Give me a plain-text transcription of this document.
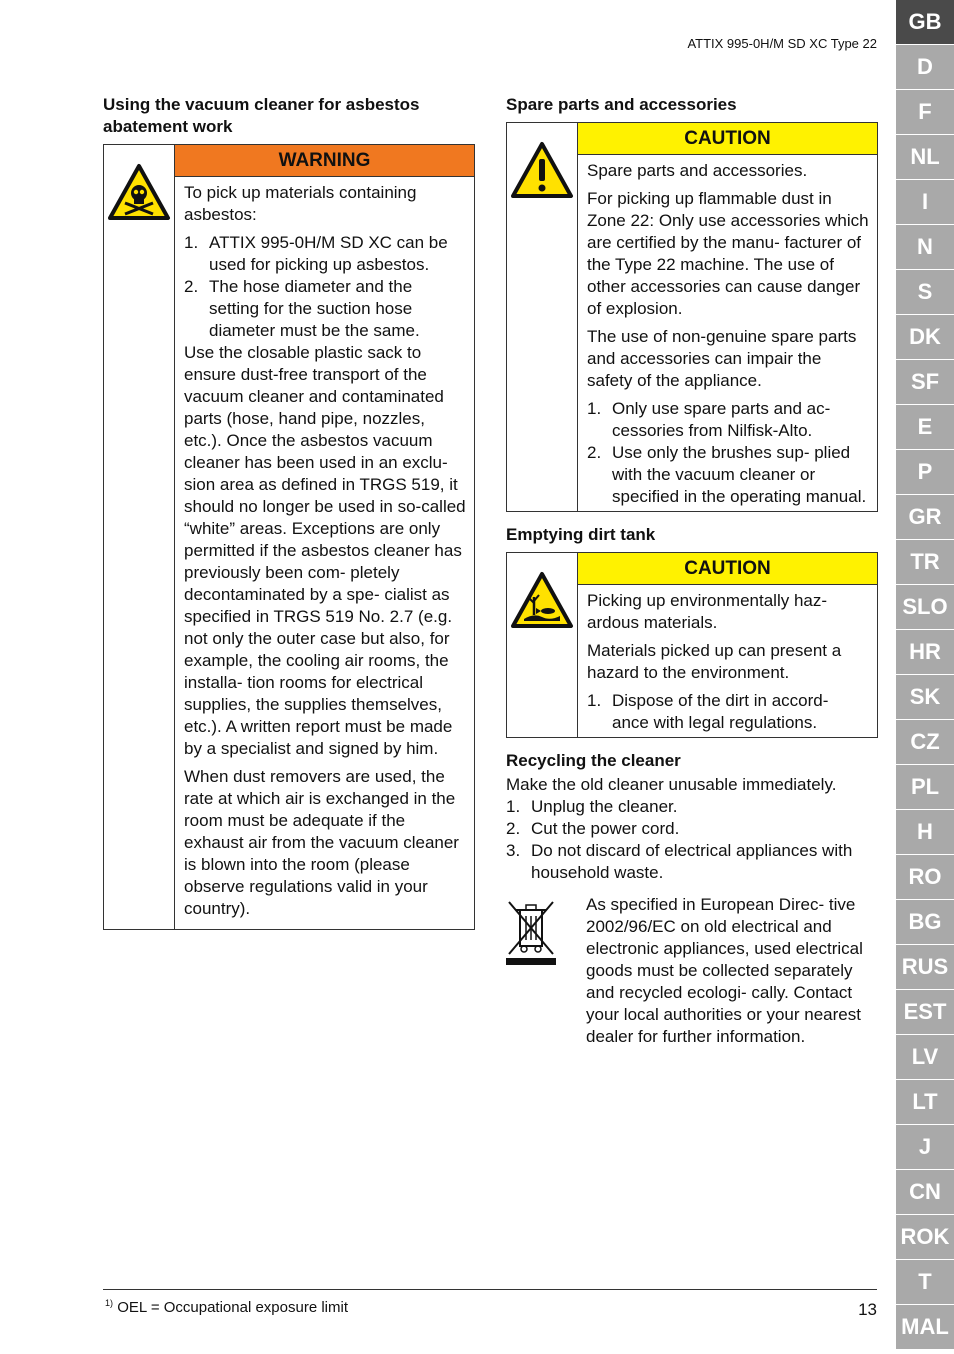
ATTIX 995-0H/M SD XC Type 22
Using the vacuum cleaner for asbestos abatement work
WARNING

To pick up materials containing asbestos:

1. ATTIX 995-0H/M SD XC can be used for picking up asbestos.
2. The hose diameter and the setting for the suction hose diameter must be the same.

Use the closable plastic sack to ensure dust-free transport of the vacuum cleaner and contaminated parts (hose, hand pipe, nozzles, etc.). Once the asbestos vacuum cleaner has been used in an exclu- sion area as defined in TRGS 519, it should no longer be used in so-called “white” areas. Exceptions are only permitted if the asbestos cleaner has previously been com- pletely decontaminated by a spe- cialist as specified in TRGS 519 No. 2.7 (e.g. not only the outer case but also, for example, the cooling air rooms, the installa- tion rooms for electrical supplies, the supplies themselves, etc.). A written report must be made by a specialist and signed by him.

When dust removers are used, the rate at which air is exchanged in the room must be adequate if the exhaust air from the vacuum cleaner is blown into the room (please observe regulations valid in your country).

Spare parts and accessories
CAUTION

Spare parts and accessories.

For picking up flammable dust in Zone 22: Only use accessories which are certified by the manu- facturer of the Type 22 machine. The use of other accessories can cause danger of explosion.

The use of non-genuine spare parts and accessories can impair the safety of the appliance.

1. Only use spare parts and ac- cessories from Nilfisk-Alto.
2. Use only the brushes sup- plied with the vacuum cleaner or specified in the operating manual.
Emptying dirt tank
CAUTION

Picking up environmentally haz- ardous materials.

Materials picked up can present a hazard to the environment.

1. Dispose of the dirt in accord- ance with legal regulations.
Recycling the cleaner

Make the old cleaner unusable immediately.

1. Unplug the cleaner.
2. Cut the power cord.
3. Do not discard of electrical appliances with household waste.
As specified in European Direc- tive 2002/96/EC on old electrical and electronic appliances, used electrical goods must be collected separately and recycled ecologi- cally. Contact your local authorities or your nearest dealer for further information.
$^{1)}$ OEL = Occupational exposure limit	13
GB
D
F
NL
I
N
S
DK
SF
E
P
GR
TR
SLO
HR
SK
CZ
PL
H
RO
BG
RUS
EST
LV
LT
J
CN
ROK
T
MAL
